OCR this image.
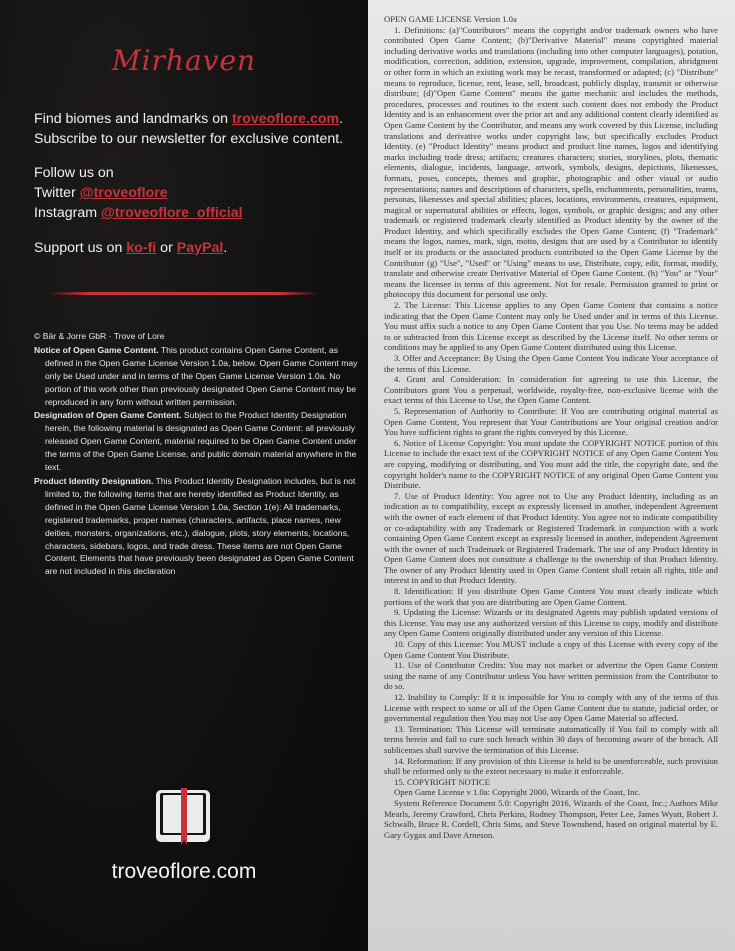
Mirhaven
Find biomes and landmarks on troveoflore.com.
Subscribe to our newsletter for exclusive content.
Follow us on
Twitter @troveoflore
Instagram @troveoflore_official
Support us on ko-fi or PayPal.

© Bär & Jorre GbR · Trove of Lore

Notice of Open Game Content. This product contains Open Game Content, as defined in the Open Game License Version 1.0a, below. Open Game Content may only be Used under and in terms of the Open Game License Version 1.0a. No portion of this work other than previously designated Open Game Content may be reproduced in any form without written permission.

Designation of Open Game Content. Subject to the Product Identity Designation herein, the following material is designated as Open Game Content: all previously released Open Game Content, material required to be Open Game Content under the terms of the Open Game License, and public domain material anywhere in the text.

Product Identity Designation. This Product Identity Designation includes, but is not limited to, the following items that are hereby identified as Product Identity, as defined in the Open Game License Version 1.0a, Section 1(e): All trademarks, registered trademarks, proper names (characters, artifacts, place names, new deities, monsters, organizations, etc.), dialogue, plots, story elements, locations, characters, sidebars, logos, and trade dress. These items are not Open Game Content. Elements that have previously been designated as Open Game Content are not included in this declaration

troveoflore.com

OPEN GAME LICENSE Version 1.0a

1. Definitions: (a)"Contributors" means the copyright and/or trademark owners who have contributed Open Game Content; (b)"Derivative Material" means copyrighted material including derivative works and translations (including into other computer languages), potation, modification, correction, addition, extension, upgrade, improvement, compilation, abridgment or other form in which an existing work may be recast, transformed or adapted; (c) "Distribute" means to reproduce, license, rent, lease, sell, broadcast, publicly display, transmit or otherwise distribute; (d)"Open Game Content" means the game mechanic and includes the methods, procedures, processes and routines to the extent such content does not embody the Product Identity and is an enhancement over the prior art and any additional content clearly identified as Open Game Content by the Contributor, and means any work covered by this License, including translations and derivative works under copyright law, but specifically excludes Product Identity. (e) "Product Identity" means product and product line names, logos and identifying marks including trade dress; artifacts; creatures characters; stories, storylines, plots, thematic elements, dialogue, incidents, language, artwork, symbols, designs, depictions, likenesses, formats, poses, concepts, themes and graphic, photographic and other visual or audio representations; names and descriptions of characters, spells, enchantments, personalities, teams, personas, likenesses and special abilities; places, locations, environments, creatures, equipment, magical or supernatural abilities or effects, logos, symbols, or graphic designs; and any other trademark or registered trademark clearly identified as Product identity by the owner of the Product Identity, and which specifically excludes the Open Game Content; (f) "Trademark" means the logos, names, mark, sign, motto, designs that are used by a Contributor to identify itself or its products or the associated products contributed to the Open Game License by the Contributor (g) "Use", "Used" or "Using" means to use, Distribute, copy, edit, format, modify, translate and otherwise create Derivative Material of Open Game Content. (h) "You" or "Your" means the licensee in terms of this agreement. Not for resale. Permission granted to print or photocopy this document for personal use only.

2. The License: This License applies to any Open Game Content that contains a notice indicating that the Open Game Content may only be Used under and in terms of this License. You must affix such a notice to any Open Game Content that you Use. No terms may be added to or subtracted from this License except as described by the License itself. No other terms or conditions may be applied to any Open Game Content distributed using this License.

3. Offer and Acceptance: By Using the Open Game Content You indicate Your acceptance of the terms of this License.

4. Grant and Consideration: In consideration for agreeing to use this License, the Contributors grant You a perpetual, worldwide, royalty-free, non-exclusive license with the exact terms of this License to Use, the Open Game Content.

5. Representation of Authority to Contribute: If You are contributing original material as Open Game Content, You represent that Your Contributions are Your original creation and/or You have sufficient rights to grant the rights conveyed by this License.

6. Notice of License Copyright: You must update the COPYRIGHT NOTICE portion of this License to include the exact text of the COPYRIGHT NOTICE of any Open Game Content You are copying, modifying or distributing, and You must add the title, the copyright date, and the copyright holder's name to the COPYRIGHT NOTICE of any original Open Game Content you Distribute.

7. Use of Product Identity: You agree not to Use any Product Identity, including as an indication as to compatibility, except as expressly licensed in another, independent Agreement with the owner of each element of that Product Identity. You agree not to indicate compatibility or co-adaptability with any Trademark or Registered Trademark in conjunction with a work containing Open Game Content except as expressly licensed in another, independent Agreement with the owner of such Trademark or Registered Trademark. The use of any Product Identity in Open Game Content does not constitute a challenge to the ownership of that Product Identity. The owner of any Product Identity used in Open Game Content shall retain all rights, title and interest in and to that Product Identity.

8. Identification: If you distribute Open Game Content You must clearly indicate which portions of the work that you are distributing are Open Game Content.

9. Updating the License: Wizards or its designated Agents may publish updated versions of this License. You may use any authorized version of this License to copy, modify and distribute any Open Game Content originally distributed under any version of this License.

10. Copy of this License: You MUST include a copy of this License with every copy of the Open Game Content You Distribute.

11. Use of Contributor Credits: You may not market or advertise the Open Game Content using the name of any Contributor unless You have written permission from the Contributor to do so.

12. Inability to Comply: If it is impossible for You to comply with any of the terms of this License with respect to some or all of the Open Game Content due to statute, judicial order, or governmental regulation then You may not Use any Open Game Material so affected.

13. Termination: This License will terminate automatically if You fail to comply with all terms herein and fail to cure such breach within 30 days of becoming aware of the breach. All sublicenses shall survive the termination of this License.

14. Reformation: If any provision of this License is held to be unenforceable, such provision shall be reformed only to the extent necessary to make it enforceable.

15. COPYRIGHT NOTICE

Open Game License v 1.0a: Copyright 2000, Wizards of the Coast, Inc.

System Reference Document 5.0: Copyright 2016, Wizards of the Coast, Inc.; Authors Mike Mearls, Jeremy Crawford, Chris Perkins, Rodney Thompson, Peter Lee, James Wyatt, Robert J. Schwalb, Bruce R. Cordell, Chris Sims, and Steve Townshend, based on original material by E. Gary Gygax and Dave Arneson.
